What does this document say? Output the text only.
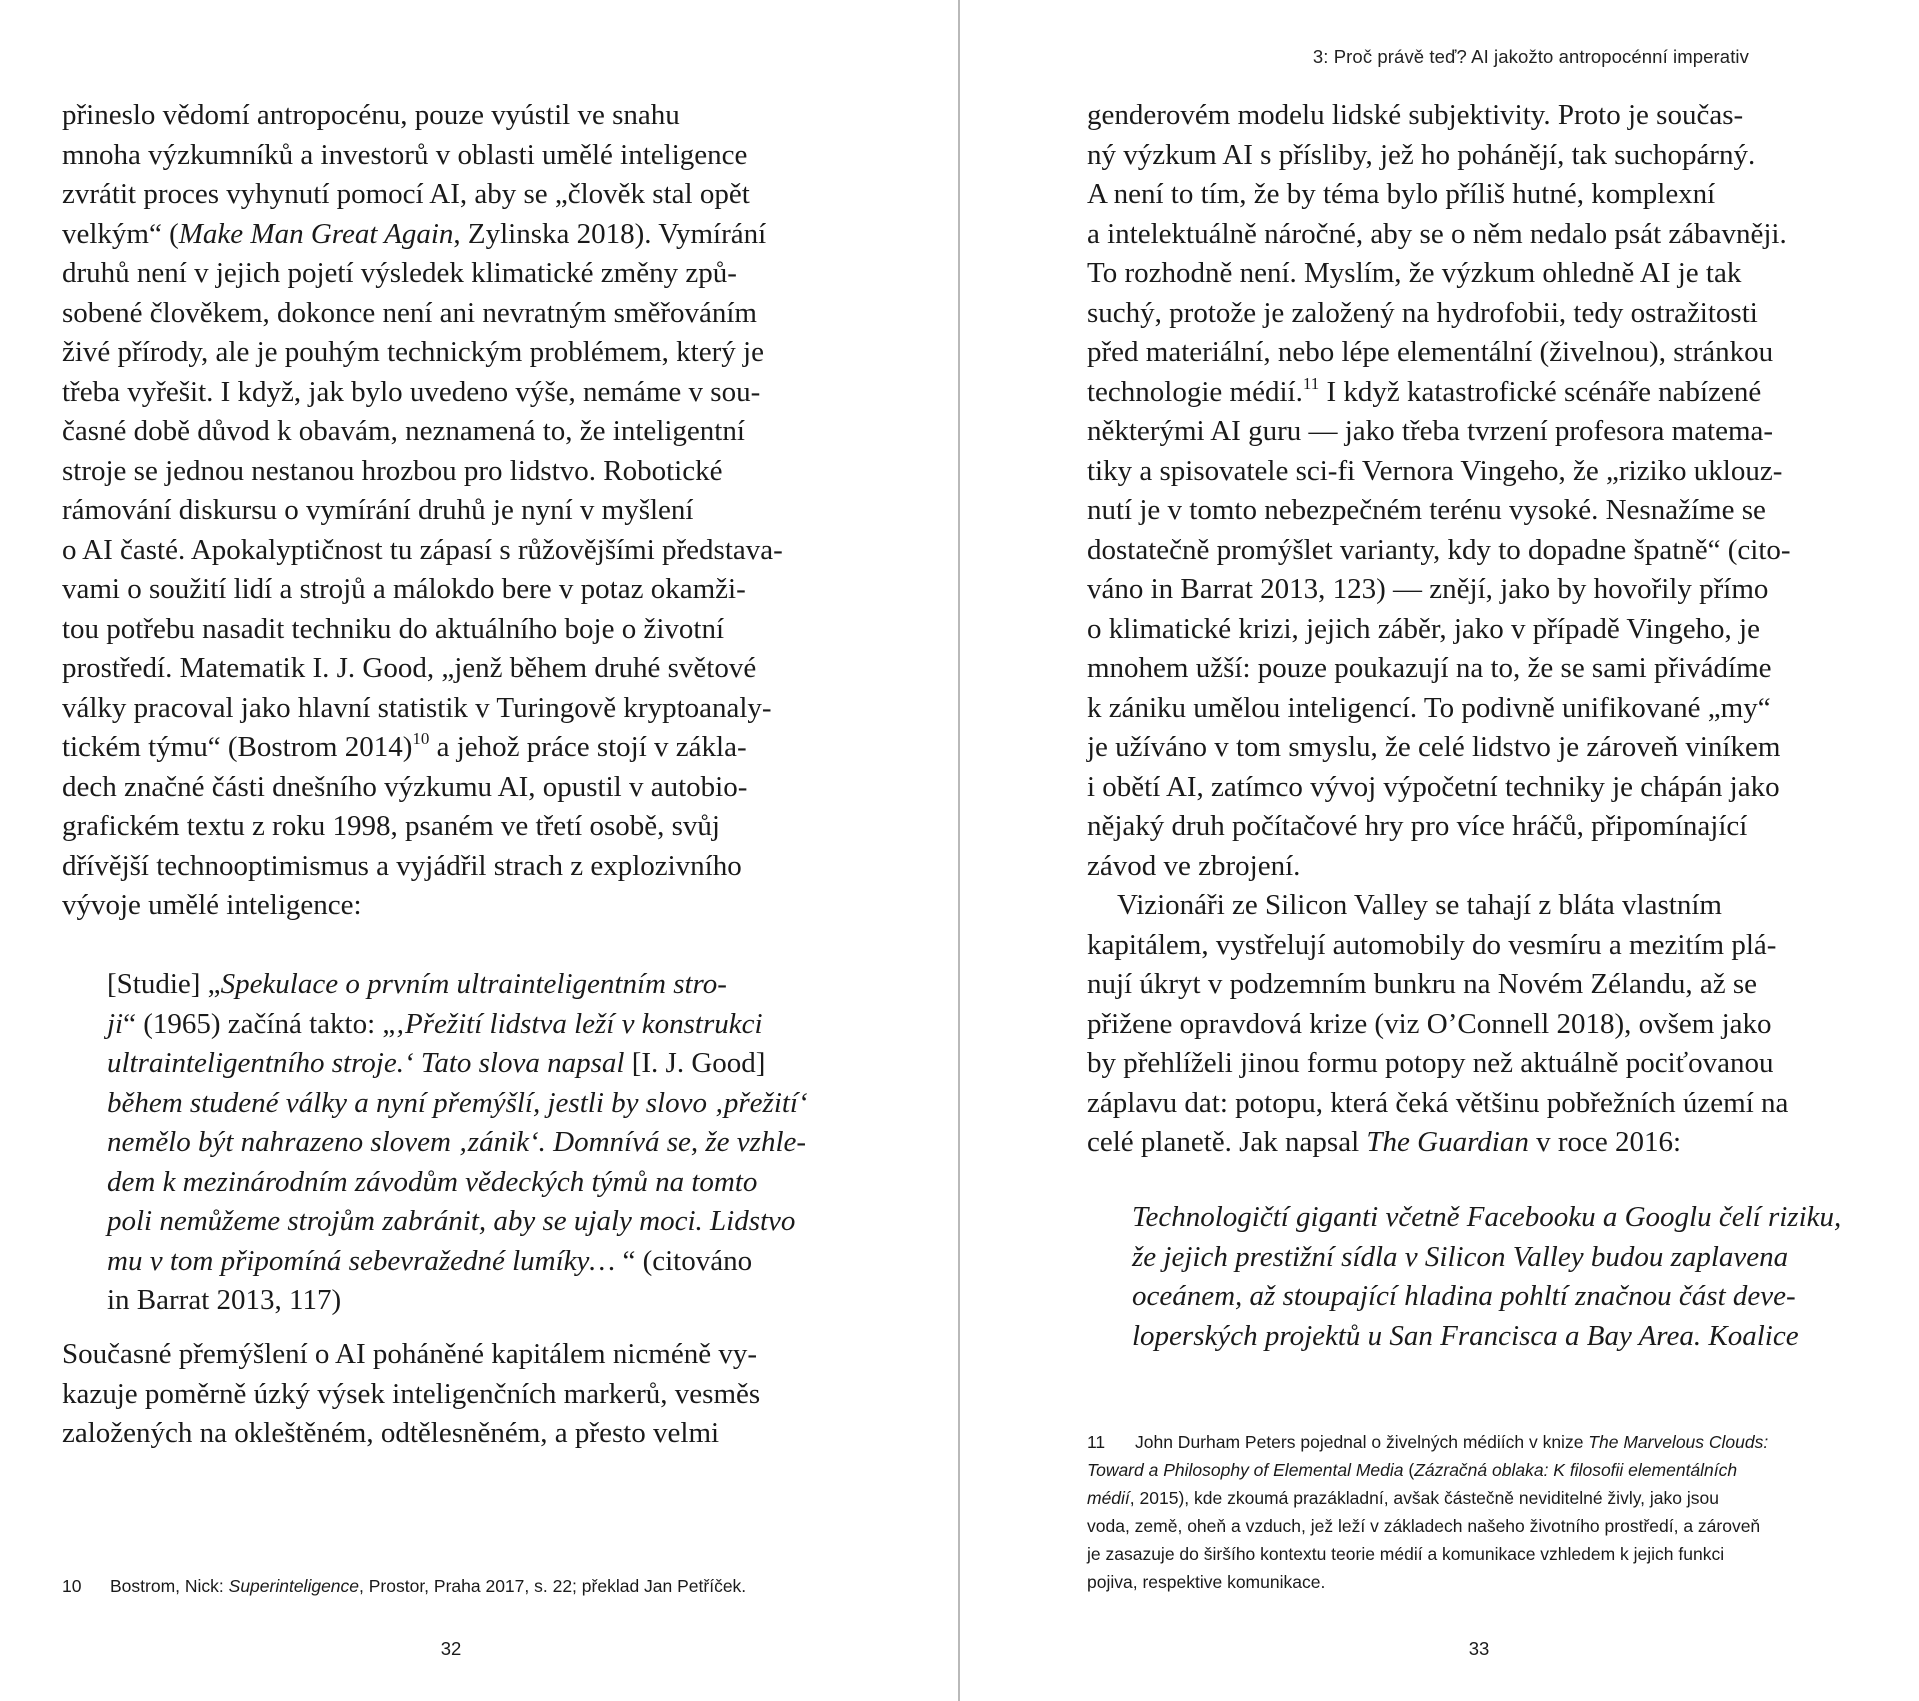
přineslo vědomí antropocénu, pouze vyústil ve snahu
mnoha výzkumníků a investorů v oblasti umělé inteligence
zvrátit proces vyhynutí pomocí AI, aby se „člověk stal opět
velkým“ (Make Man Great Again, Zylinska 2018). Vymírání
druhů není v jejich pojetí výsledek klimatické změny způ-
sobené člověkem, dokonce není ani nevratným směřováním
živé přírody, ale je pouhým technickým problémem, který je
třeba vyřešit. I když, jak bylo uvedeno výše, nemáme v sou-
časné době důvod k obavám, neznamená to, že inteligentní
stroje se jednou nestanou hrozbou pro lidstvo. Robotické
rámování diskursu o vymírání druhů je nyní v myšlení
o AI časté. Apokalyptičnost tu zápasí s růžovějšími představa-
vami o soužití lidí a strojů a málokdo bere v potaz okamži-
tou potřebu nasadit techniku do aktuálního boje o životní
prostředí. Matematik I. J. Good, „jenž během druhé světové
války pracoval jako hlavní statistik v Turingově kryptoanaly-
tickém týmu“ (Bostrom 2014)$^{10}$ a jehož práce stojí v zákla-
dech značné části dnešního výzkumu AI, opustil v autobio-
grafickém textu z roku 1998, psaném ve třetí osobě, svůj
dřívější technooptimismus a vyjádřil strach z explozivního
vývoje umělé inteligence:
[Studie] „Spekulace o prvním ultrainteligentním stro-
ji“ (1965) začíná takto: „‚Přežití lidstva leží v konstrukci
ultrainteligentního stroje.‘ Tato slova napsal [I. J. Good]
během studené války a nyní přemýšlí, jestli by slovo ‚přežití‘
nemělo být nahrazeno slovem ‚zánik‘. Domnívá se, že vzhle-
dem k mezinárodním závodům vědeckých týmů na tomto
poli nemůžeme strojům zabránit, aby se ujaly moci. Lidstvo
mu v tom připomíná sebevražedné lumíky… “ (citováno
in Barrat 2013, 117)
Současné přemýšlení o AI poháněné kapitálem nicméně vy-
kazuje poměrně úzký výsek inteligenčních markerů, vesměs
založených na okleštěném, odtělesněném, a přesto velmi
10 Bostrom, Nick: Superinteligence, Prostor, Praha 2017, s. 22; překlad Jan Petříček.
32
3: Proč právě teď? AI jakožto antropocénní imperativ
genderovém modelu lidské subjektivity. Proto je součas-
ný výzkum AI s přísliby, jež ho pohánějí, tak suchopárný.
A není to tím, že by téma bylo příliš hutné, komplexní
a intelektuálně náročné, aby se o něm nedalo psát zábavněji.
To rozhodně není. Myslím, že výzkum ohledně AI je tak
suchý, protože je založený na hydrofobii, tedy ostražitosti
před materiální, nebo lépe elementální (živelnou), stránkou
technologie médií.$^{11}$ I když katastrofické scénáře nabízené
některými AI guru — jako třeba tvrzení profesora matema-
tiky a spisovatele sci-fi Vernora Vingeho, že „riziko uklouz-
nutí je v tomto nebezpečném terénu vysoké. Nesnažíme se
dostatečně promýšlet varianty, kdy to dopadne špatně“ (cito-
váno in Barrat 2013, 123) — znějí, jako by hovořily přímo
o klimatické krizi, jejich záběr, jako v případě Vingeho, je
mnohem užší: pouze poukazují na to, že se sami přivádíme
k zániku umělou inteligencí. To podivně unifikované „my“
je užíváno v tom smyslu, že celé lidstvo je zároveň viníkem
i obětí AI, zatímco vývoj výpočetní techniky je chápán jako
nějaký druh počítačové hry pro více hráčů, připomínající
závod ve zbrojení.
Vizionáři ze Silicon Valley se tahají z bláta vlastním
kapitálem, vystřelují automobily do vesmíru a mezitím plá-
nují úkryt v podzemním bunkru na Novém Zélandu, až se
přižene opravdová krize (viz O’Connell 2018), ovšem jako
by přehlíželi jinou formu potopy než aktuálně pociťovanou
záplavu dat: potopu, která čeká většinu pobřežních území na
celé planetě. Jak napsal The Guardian v roce 2016:
Technologičtí giganti včetně Facebooku a Googlu čelí riziku,
že jejich prestižní sídla v Silicon Valley budou zaplavena
oceánem, až stoupající hladina pohltí značnou část deve-
loperských projektů u San Francisca a Bay Area. Koalice
11 John Durham Peters pojednal o živelných médiích v knize The Marvelous Clouds:
Toward a Philosophy of Elemental Media (Zázračná oblaka: K filosofii elementálních
médií, 2015), kde zkoumá prazákladní, avšak částečně neviditelné živly, jako jsou
voda, země, oheň a vzduch, jež leží v základech našeho životního prostředí, a zároveň
je zasazuje do širšího kontextu teorie médií a komunikace vzhledem k jejich funkci
pojiva, respektive komunikace.
33
